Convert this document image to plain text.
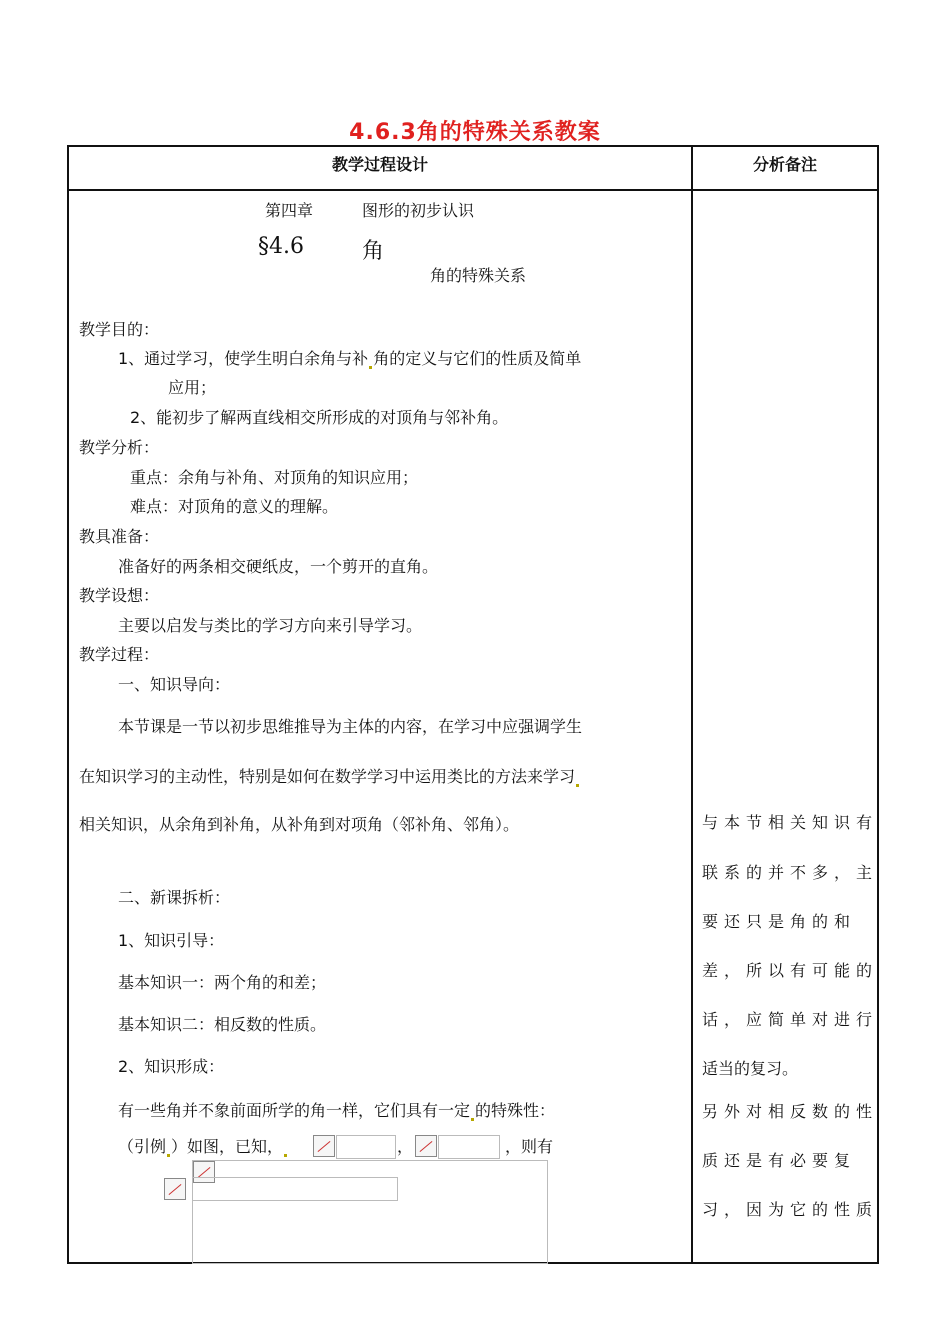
4.6.3角的特殊关系教案
教学过程设计	分析备注
第四章	图形的初步认识
§4.6	角
角的特殊关系
教学目的：
1、通过学习，使学生明白余角与补 角的定义与它们的性质及简单
应用；
2、能初步了解两直线相交所形成的对顶角与邻补角。
教学分析：
重点：余角与补角、对顶角的知识应用；
难点：对顶角的意义的理解。
教具准备：
准备好的两条相交硬纸皮，一个剪开的直角。
教学设想：
主要以启发与类比的学习方向来引导学习。
教学过程：
一、知识导向：
本节课是一节以初步思维推导为主体的内容，在学习中应强调学生
在知识学习的主动性，特别是如何在数学学习中运用类比的方法来学习
相关知识，从余角到补角，从补角到对项角（邻补角、邻角）。
二、新课拆析：
1、知识引导：
基本知识一：两个角的和差；
基本知识二：相反数的性质。
2、知识形成：
有一些角并不象前面所学的角一样，它们具有一定 的特殊性：
（引例 ）如图，已知，	，	，则有
与本节相关知识有
联系的并不多，主
要还只是角的和
差，所以有可能的
话，应简单对进行
适当的复习。
另外对相反数的性
质还是有必要复
习，因为它的性质
